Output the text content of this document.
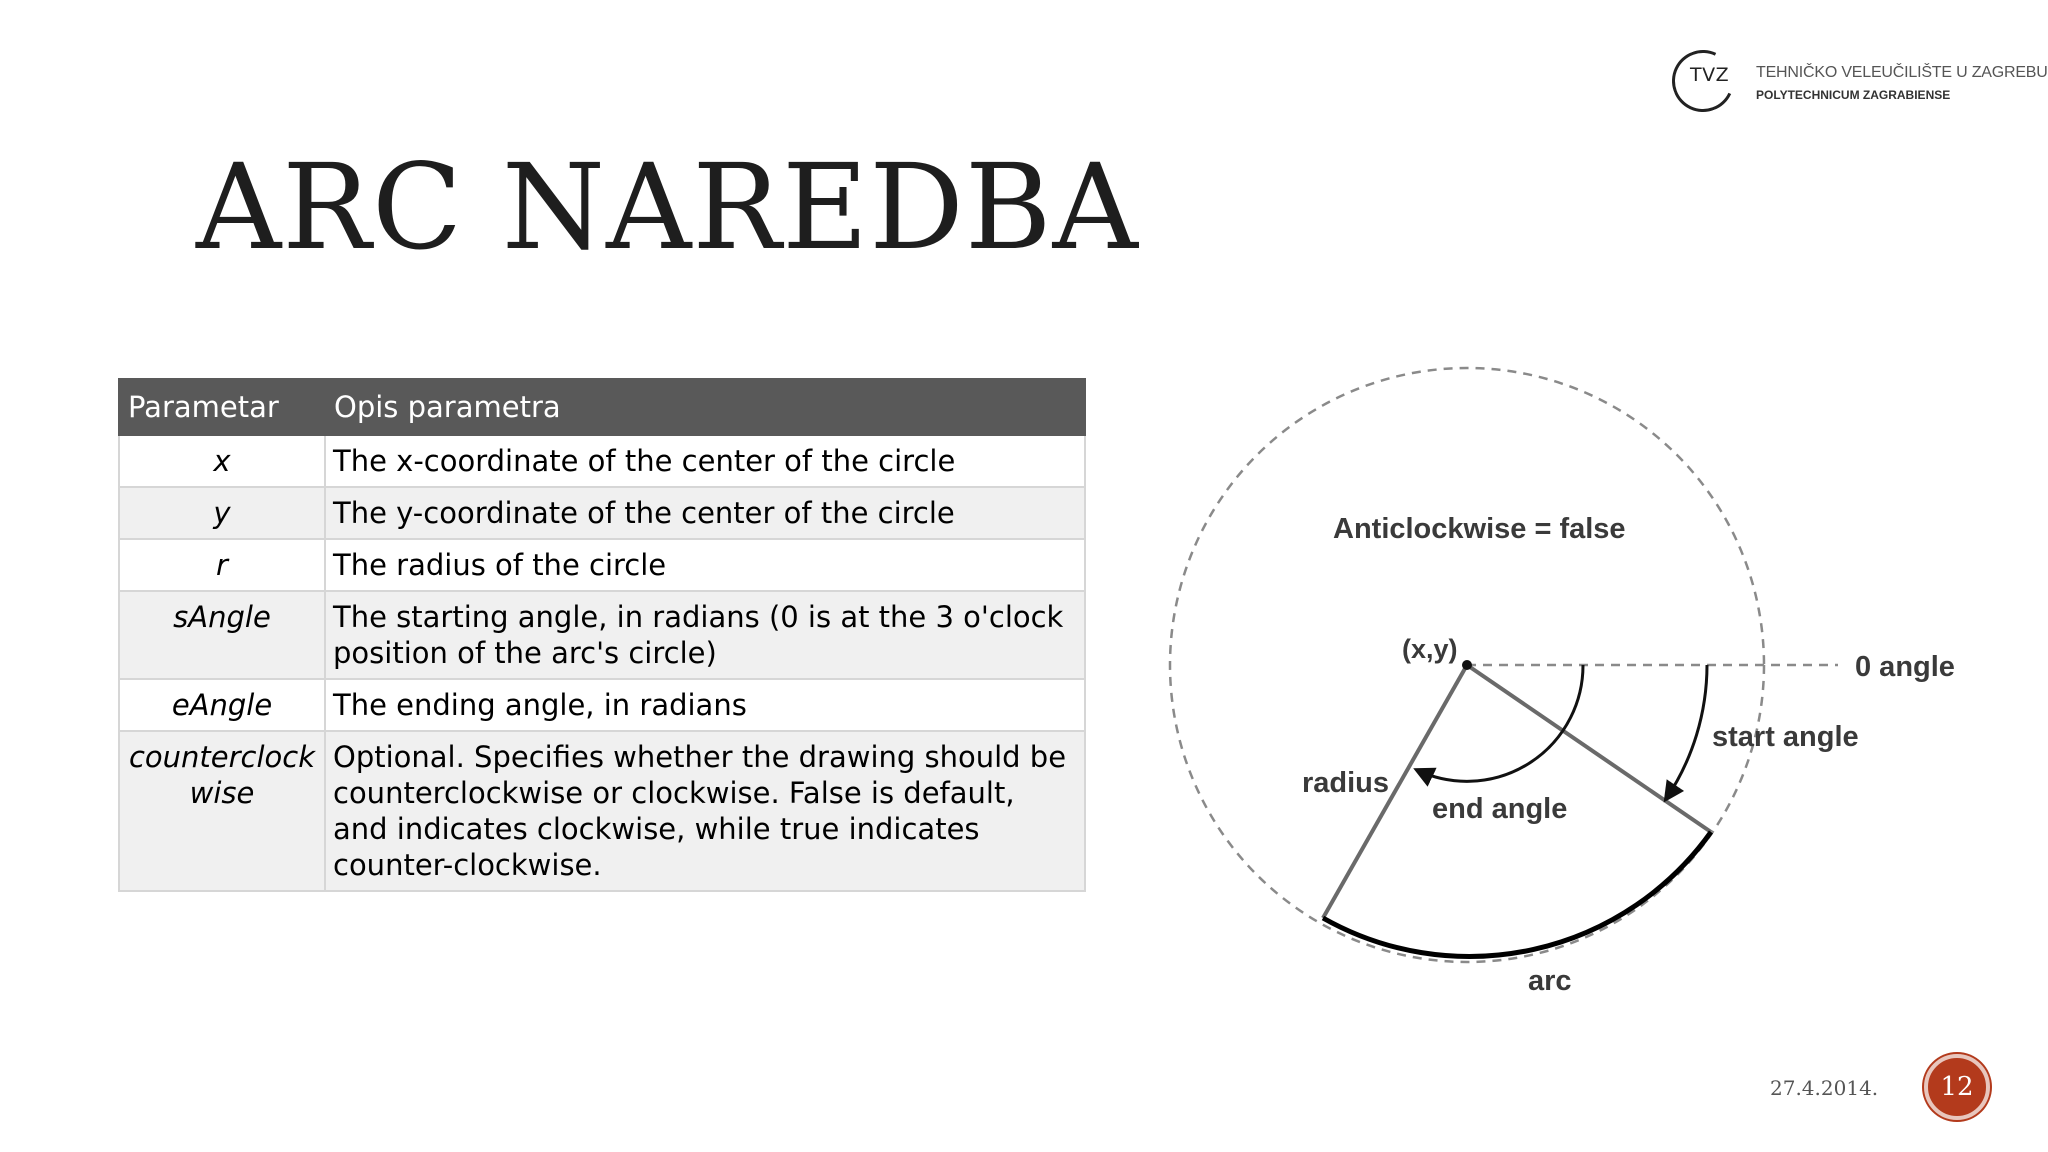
TVZ TEHNIČKO VELEUČILIŠTE U ZAGREBU
POLYTECHNICUM ZAGRABIENSE
ARC NAREDBA
Parametar	Opis parametra
x	The x-coordinate of the center of the circle
y	The y-coordinate of the center of the circle
r	The radius of the circle
sAngle	The starting angle, in radians (0 is at the 3 o'clock position of the arc's circle)
eAngle	The ending angle, in radians
counterclockwise	Optional. Specifies whether the drawing should be counterclockwise or clockwise. False is default, and indicates clockwise, while true indicates counter-clockwise.
Anticlockwise = false
(x,y)
0 angle
start angle
end angle
radius
arc
27.4.2014.	12
